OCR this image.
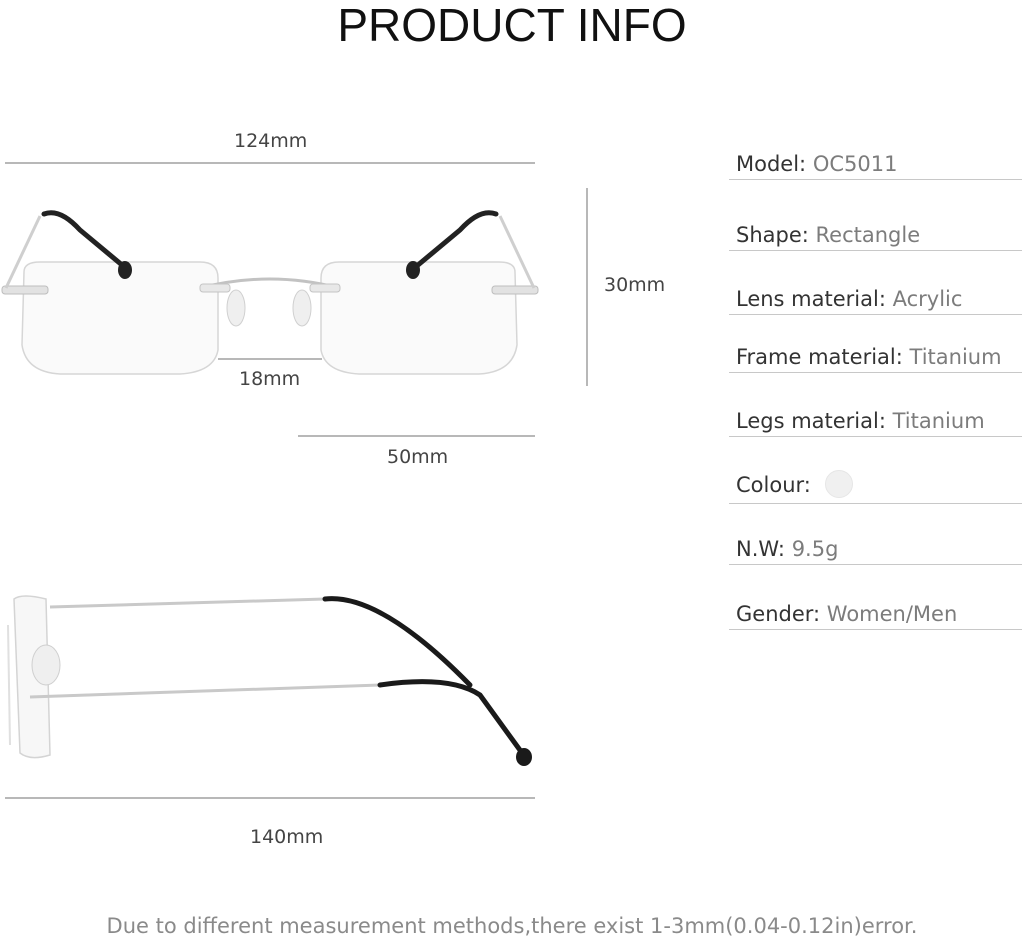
PRODUCT INFO
124mm
30mm
18mm
50mm
140mm
Model: OC5011
Shape: Rectangle
Lens material: Acrylic
Frame material: Titanium
Legs material: Titanium
Colour:
N.W: 9.5g
Gender: Women/Men
Due to different measurement methods,there exist 1-3mm(0.04-0.12in)error.
